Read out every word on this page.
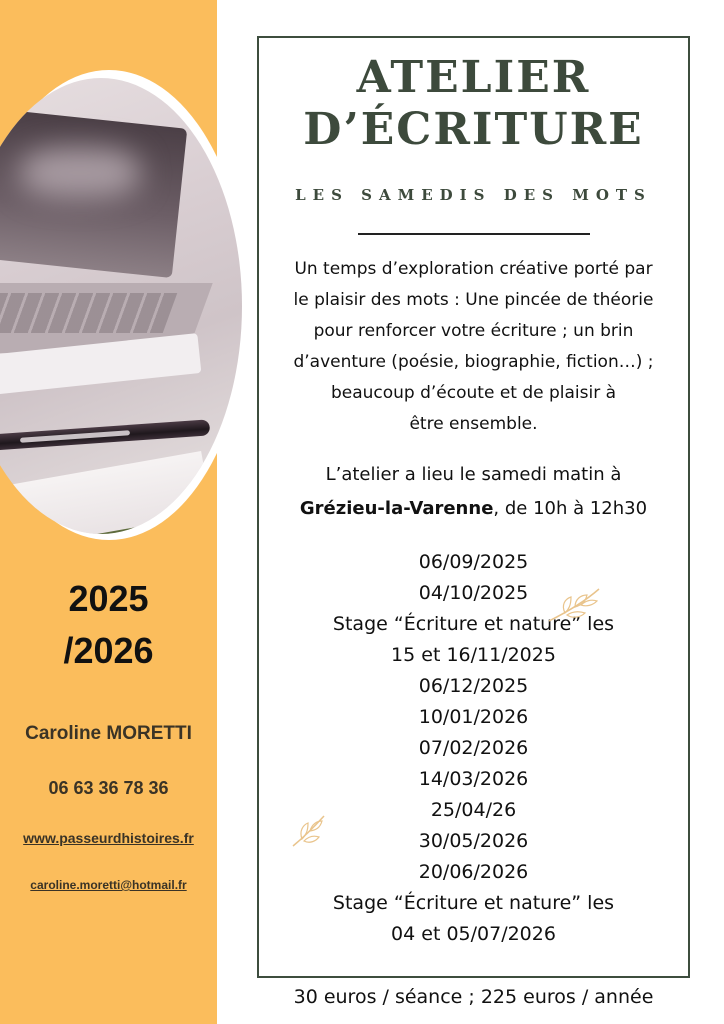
2025
/2026
Caroline MORETTI
06 63 36 78 36
www.passeurdhistoires.fr
caroline.moretti@hotmail.fr
ATELIER
D’ÉCRITURE
LES SAMEDIS DES MOTS
Un temps d’exploration créative porté par
le plaisir des mots : Une pincée de théorie
pour renforcer votre écriture ; un brin
d’aventure (poésie, biographie, fiction…) ;
beaucoup d’écoute et de plaisir à
être ensemble.
L’atelier a lieu le samedi matin à
Grézieu-la-Varenne, de 10h à 12h30
06/09/2025
04/10/2025
Stage “Écriture et nature” les
15 et 16/11/2025
06/12/2025
10/01/2026
07/02/2026
14/03/2026
25/04/26
30/05/2026
20/06/2026
Stage “Écriture et nature” les
04 et 05/07/2026
30 euros / séance ; 225 euros / année
